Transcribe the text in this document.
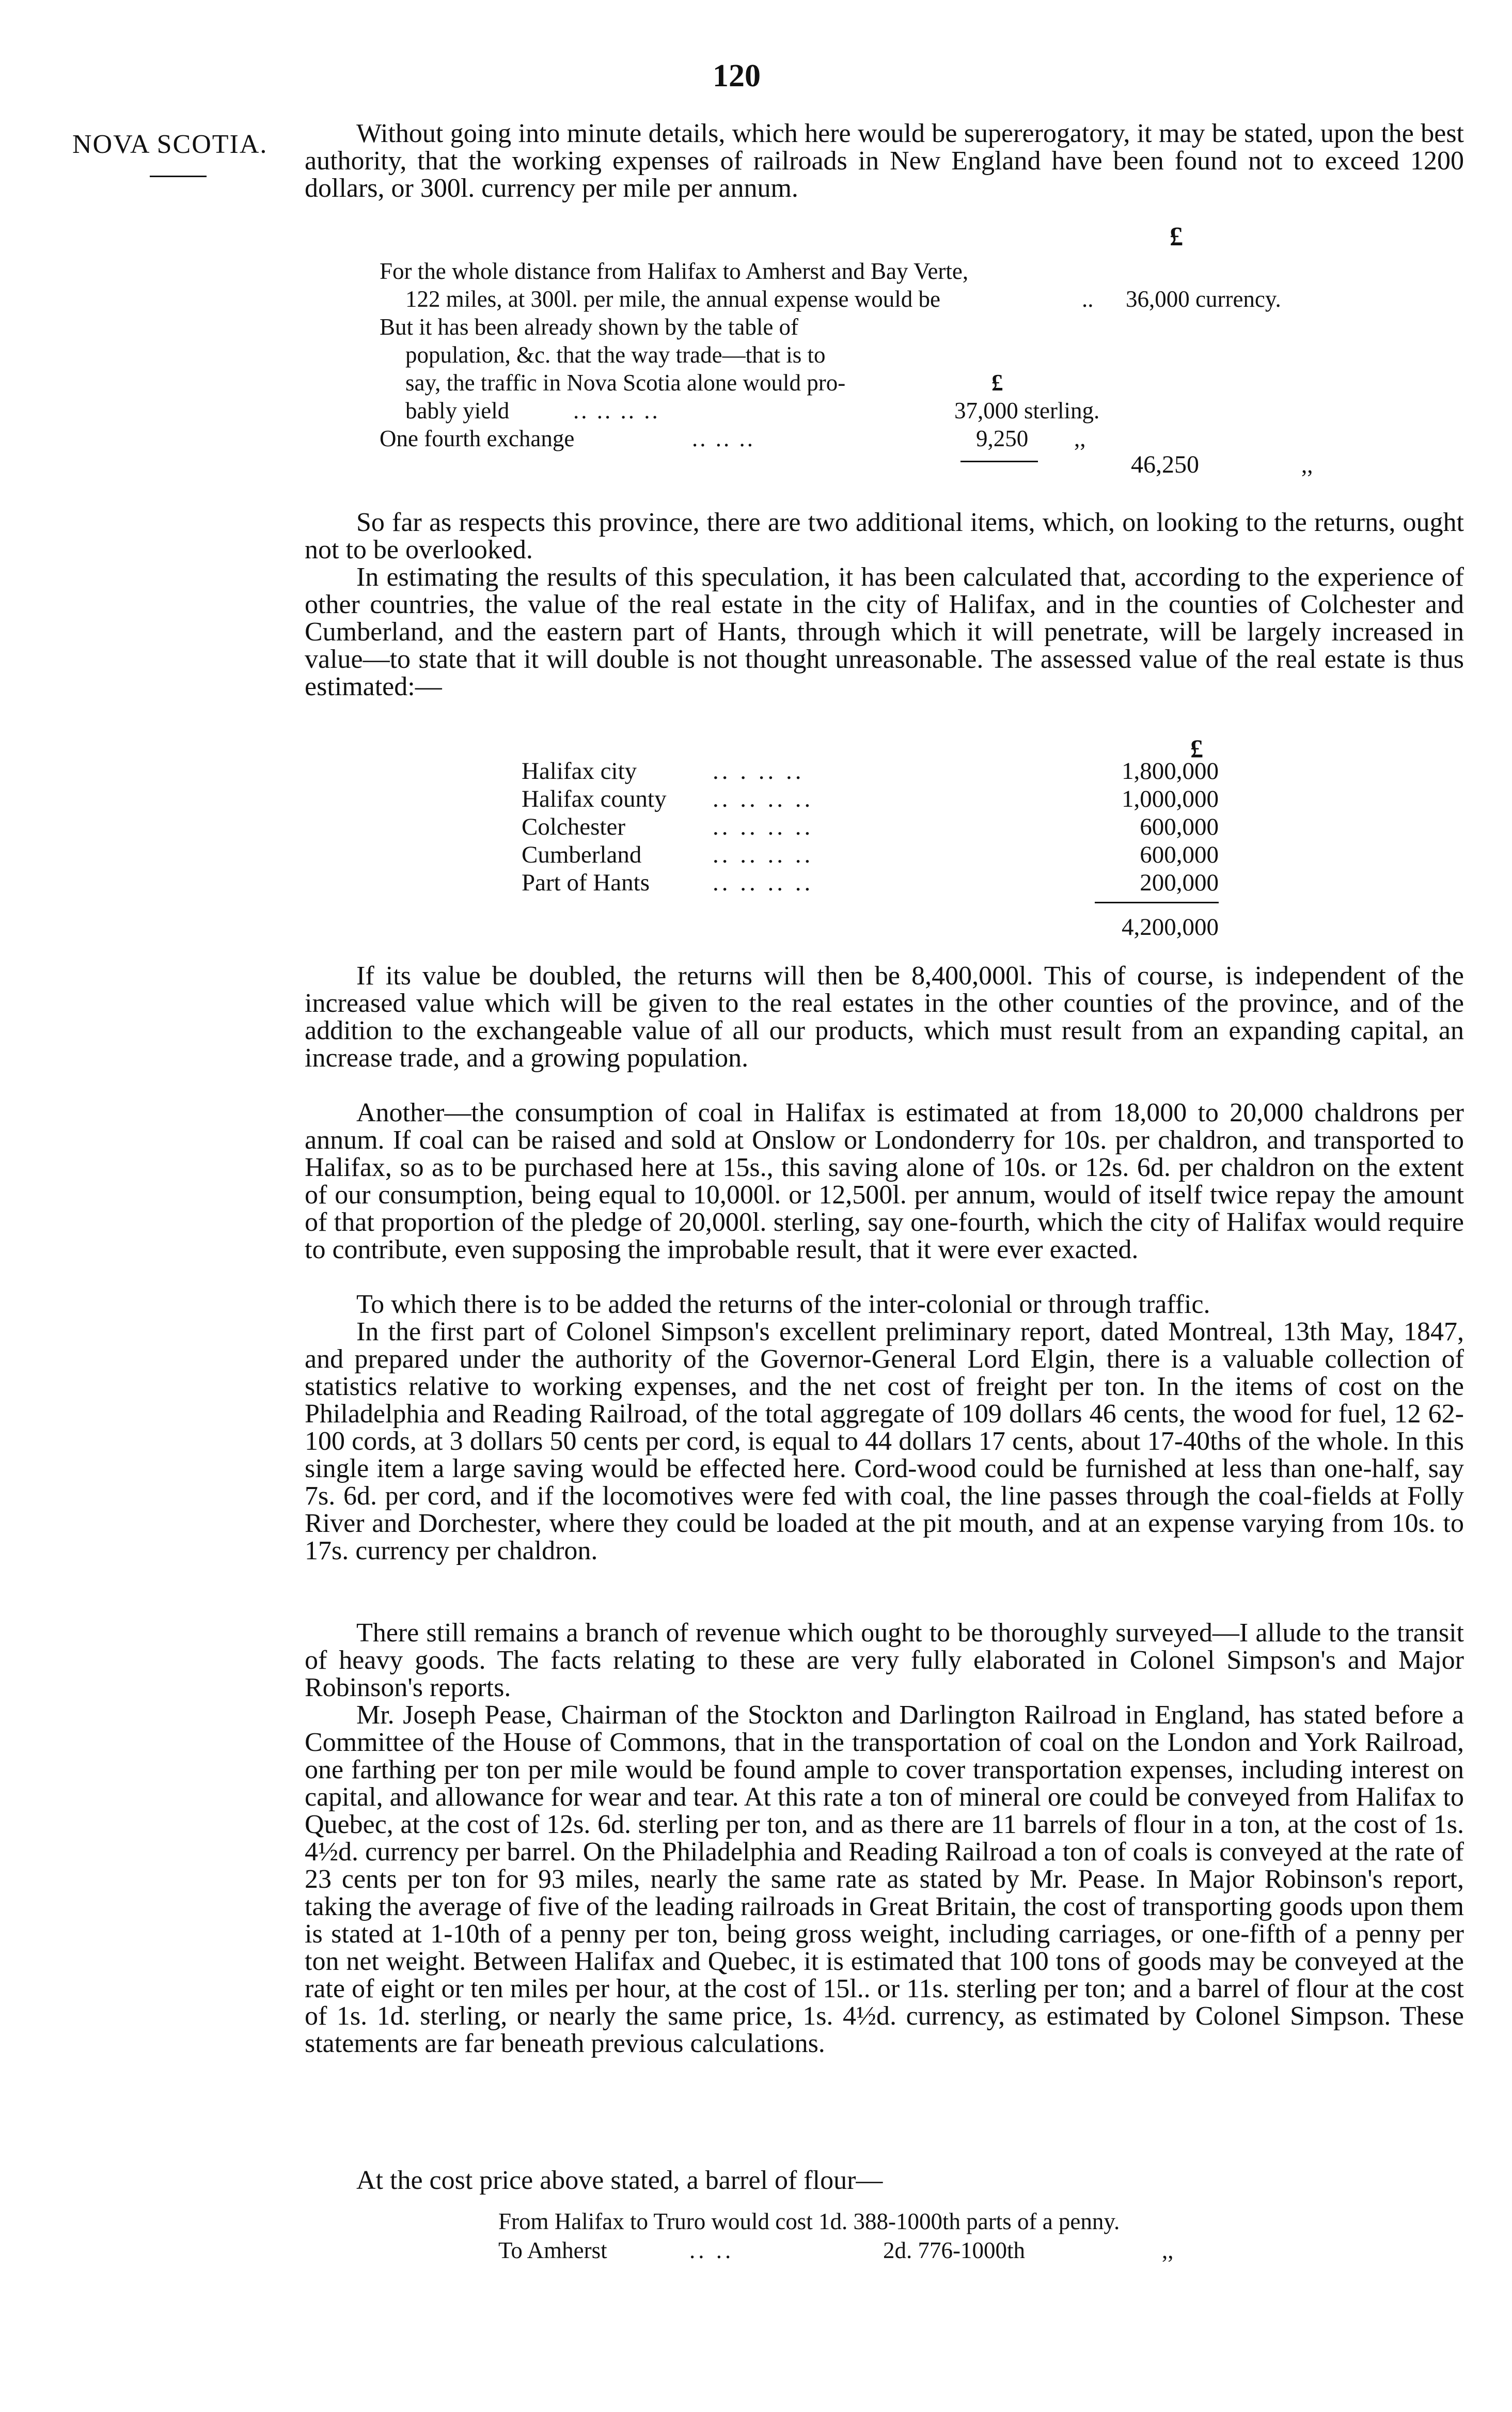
120
NOVA SCOTIA.	Without going into minute details, which here would be supererogatory, it may be stated, upon the best authority, that the working expenses of railroads in New England have been found not to exceed 1200 dollars, or 300l. currency per mile per annum.

£
For the whole distance from Halifax to Amherst and Bay Verte,
122 miles, at 300l. per mile, the annual expense would be	.. 36,000 currency.
But it has been already shown by the table of
population, &c. that the way trade—that is to
say, the traffic in Nova Scotia alone would pro-	£
bably yield	.. .. .. ..	37,000 sterling.
One fourth exchange	.. .. ..	9,250 ,,
46,250	,,

So far as respects this province, there are two additional items, which, on looking to the returns, ought not to be overlooked.

In estimating the results of this speculation, it has been calculated that, according to the experience of other countries, the value of the real estate in the city of Halifax, and in the counties of Colchester and Cumberland, and the eastern part of Hants, through which it will penetrate, will be largely increased in value—to state that it will double is not thought unreasonable. The assessed value of the real estate is thus estimated:—

£
Halifax city	.. . .. ..	1,800,000
Halifax county .. .. .. ..	1,000,000
Colchester	.. .. .. ..	600,000
Cumberland	.. .. .. ..	600,000
Part of Hants	.. .. .. ..	200,000
4,200,000

If its value be doubled, the returns will then be 8,400,000l. This of course, is independent of the increased value which will be given to the real estates in the other counties of the province, and of the addition to the exchangeable value of all our products, which must result from an expanding capital, an increase trade, and a growing population.

Another—the consumption of coal in Halifax is estimated at from 18,000 to 20,000 chaldrons per annum. If coal can be raised and sold at Onslow or Londonderry for 10s. per chaldron, and transported to Halifax, so as to be purchased here at 15s., this saving alone of 10s. or 12s. 6d. per chaldron on the extent of our consumption, being equal to 10,000l. or 12,500l. per annum, would of itself twice repay the amount of that proportion of the pledge of 20,000l. sterling, say one-fourth, which the city of Halifax would require to contribute, even supposing the improbable result, that it were ever exacted.

To which there is to be added the returns of the inter-colonial or through traffic.

In the first part of Colonel Simpson's excellent preliminary report, dated Montreal, 13th May, 1847, and prepared under the authority of the Governor-General Lord Elgin, there is a valuable collection of statistics relative to working expenses, and the net cost of freight per ton. In the items of cost on the Philadelphia and Reading Railroad, of the total aggregate of 109 dollars 46 cents, the wood for fuel, 12 62-100 cords, at 3 dollars 50 cents per cord, is equal to 44 dollars 17 cents, about 17-40ths of the whole. In this single item a large saving would be effected here. Cord-wood could be furnished at less than one-half, say 7s. 6d. per cord, and if the locomotives were fed with coal, the line passes through the coal-fields at Folly River and Dorchester, where they could be loaded at the pit mouth, and at an expense varying from 10s. to 17s. currency per chaldron.

There still remains a branch of revenue which ought to be thoroughly surveyed—I allude to the transit of heavy goods. The facts relating to these are very fully elaborated in Colonel Simpson's and Major Robinson's reports.

Mr. Joseph Pease, Chairman of the Stockton and Darlington Railroad in England, has stated before a Committee of the House of Commons, that in the transportation of coal on the London and York Railroad, one farthing per ton per mile would be found ample to cover transportation expenses, including interest on capital, and allowance for wear and tear. At this rate a ton of mineral ore could be conveyed from Halifax to Quebec, at the cost of 12s. 6d. sterling per ton, and as there are 11 barrels of flour in a ton, at the cost of 1s. 4½d. currency per barrel. On the Philadelphia and Reading Railroad a ton of coals is conveyed at the rate of 23 cents per ton for 93 miles, nearly the same rate as stated by Mr. Pease. In Major Robinson's report, taking the average of five of the leading railroads in Great Britain, the cost of transporting goods upon them is stated at 1-10th of a penny per ton, being gross weight, including carriages, or one-fifth of a penny per ton net weight. Between Halifax and Quebec, it is estimated that 100 tons of goods may be conveyed at the rate of eight or ten miles per hour, at the cost of 15l.. or 11s. sterling per ton; and a barrel of flour at the cost of 1s. 1d. sterling, or nearly the same price, 1s. 4½d. currency, as estimated by Colonel Simpson. These statements are far beneath previous calculations.

At the cost price above stated, a barrel of flour—

From Halifax to Truro would cost 1d. 388-1000th parts of a penny.
To Amherst	.. ..	2d. 776-1000th	,,
